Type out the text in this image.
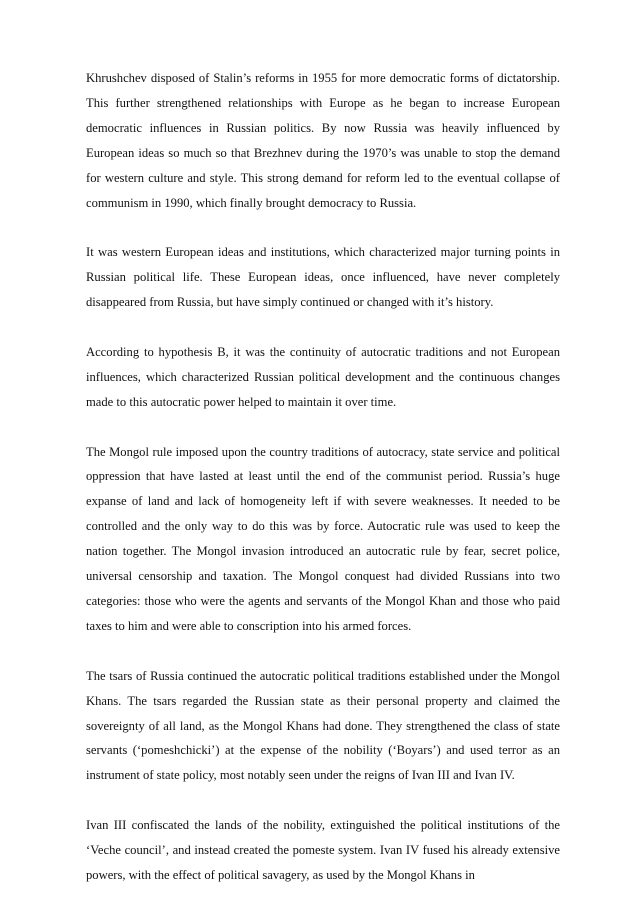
Khrushchev disposed of Stalin’s reforms in 1955 for more democratic forms of dictatorship. This further strengthened relationships with Europe as he began to increase European democratic influences in Russian politics. By now Russia was heavily influenced by European ideas so much so that Brezhnev during the 1970’s was unable to stop the demand for western culture and style. This strong demand for reform led to the eventual collapse of communism in 1990, which finally brought democracy to Russia.

It was western European ideas and institutions, which characterized major turning points in Russian political life. These European ideas, once influenced, have never completely disappeared from Russia, but have simply continued or changed with it’s history.

According to hypothesis B, it was the continuity of autocratic traditions and not European influences, which characterized Russian political development and the continuous changes made to this autocratic power helped to maintain it over time.

The Mongol rule imposed upon the country traditions of autocracy, state service and political oppression that have lasted at least until the end of the communist period. Russia’s huge expanse of land and lack of homogeneity left if with severe weaknesses. It needed to be controlled and the only way to do this was by force. Autocratic rule was used to keep the nation together. The Mongol invasion introduced an autocratic rule by fear, secret police, universal censorship and taxation. The Mongol conquest had divided Russians into two categories: those who were the agents and servants of the Mongol Khan and those who paid taxes to him and were able to conscription into his armed forces.

The tsars of Russia continued the autocratic political traditions established under the Mongol Khans. The tsars regarded the Russian state as their personal property and claimed the sovereignty of all land, as the Mongol Khans had done. They strengthened the class of state servants (‘pomeshchicki’) at the expense of the nobility (‘Boyars’) and used terror as an instrument of state policy, most notably seen under the reigns of Ivan III and Ivan IV.

Ivan III confiscated the lands of the nobility, extinguished the political institutions of the ‘Veche council’, and instead created the pomeste system. Ivan IV fused his already extensive powers, with the effect of political savagery, as used by the Mongol Khans in
